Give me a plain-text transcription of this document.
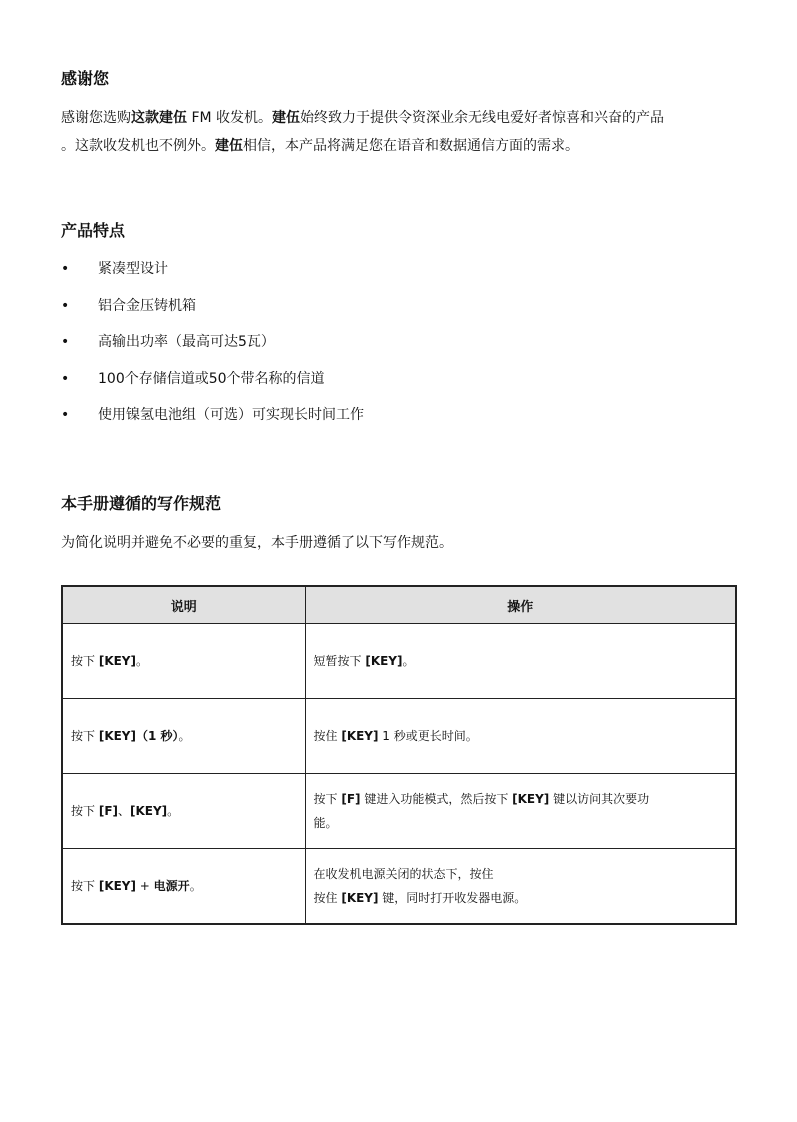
感谢您
感谢您选购这款建伍 FM 收发机。建伍始终致力于提供令资深业余无线电爱好者惊喜和兴奋的产品
。这款收发机也不例外。建伍相信，本产品将满足您在语音和数据通信方面的需求。
产品特点
• 紧凑型设计
• 铝合金压铸机箱
• 高输出功率（最高可达5瓦）
• 100个存储信道或50个带名称的信道
• 使用镍氢电池组（可选）可实现长时间工作
本手册遵循的写作规范
为简化说明并避免不必要的重复，本手册遵循了以下写作规范。
说明	操作

按下 [KEY]。	短暂按下 [KEY]。

按下 [KEY]（1 秒）。	按住 [KEY] 1 秒或更长时间。

按下 [F]、[KEY]。	按下 [F] 键进入功能模式，然后按下 [KEY] 键以访问其次要功
能。

按下 [KEY] + 电源开。	在收发机电源关闭的状态下，按住
按住 [KEY] 键，同时打开收发器电源。
